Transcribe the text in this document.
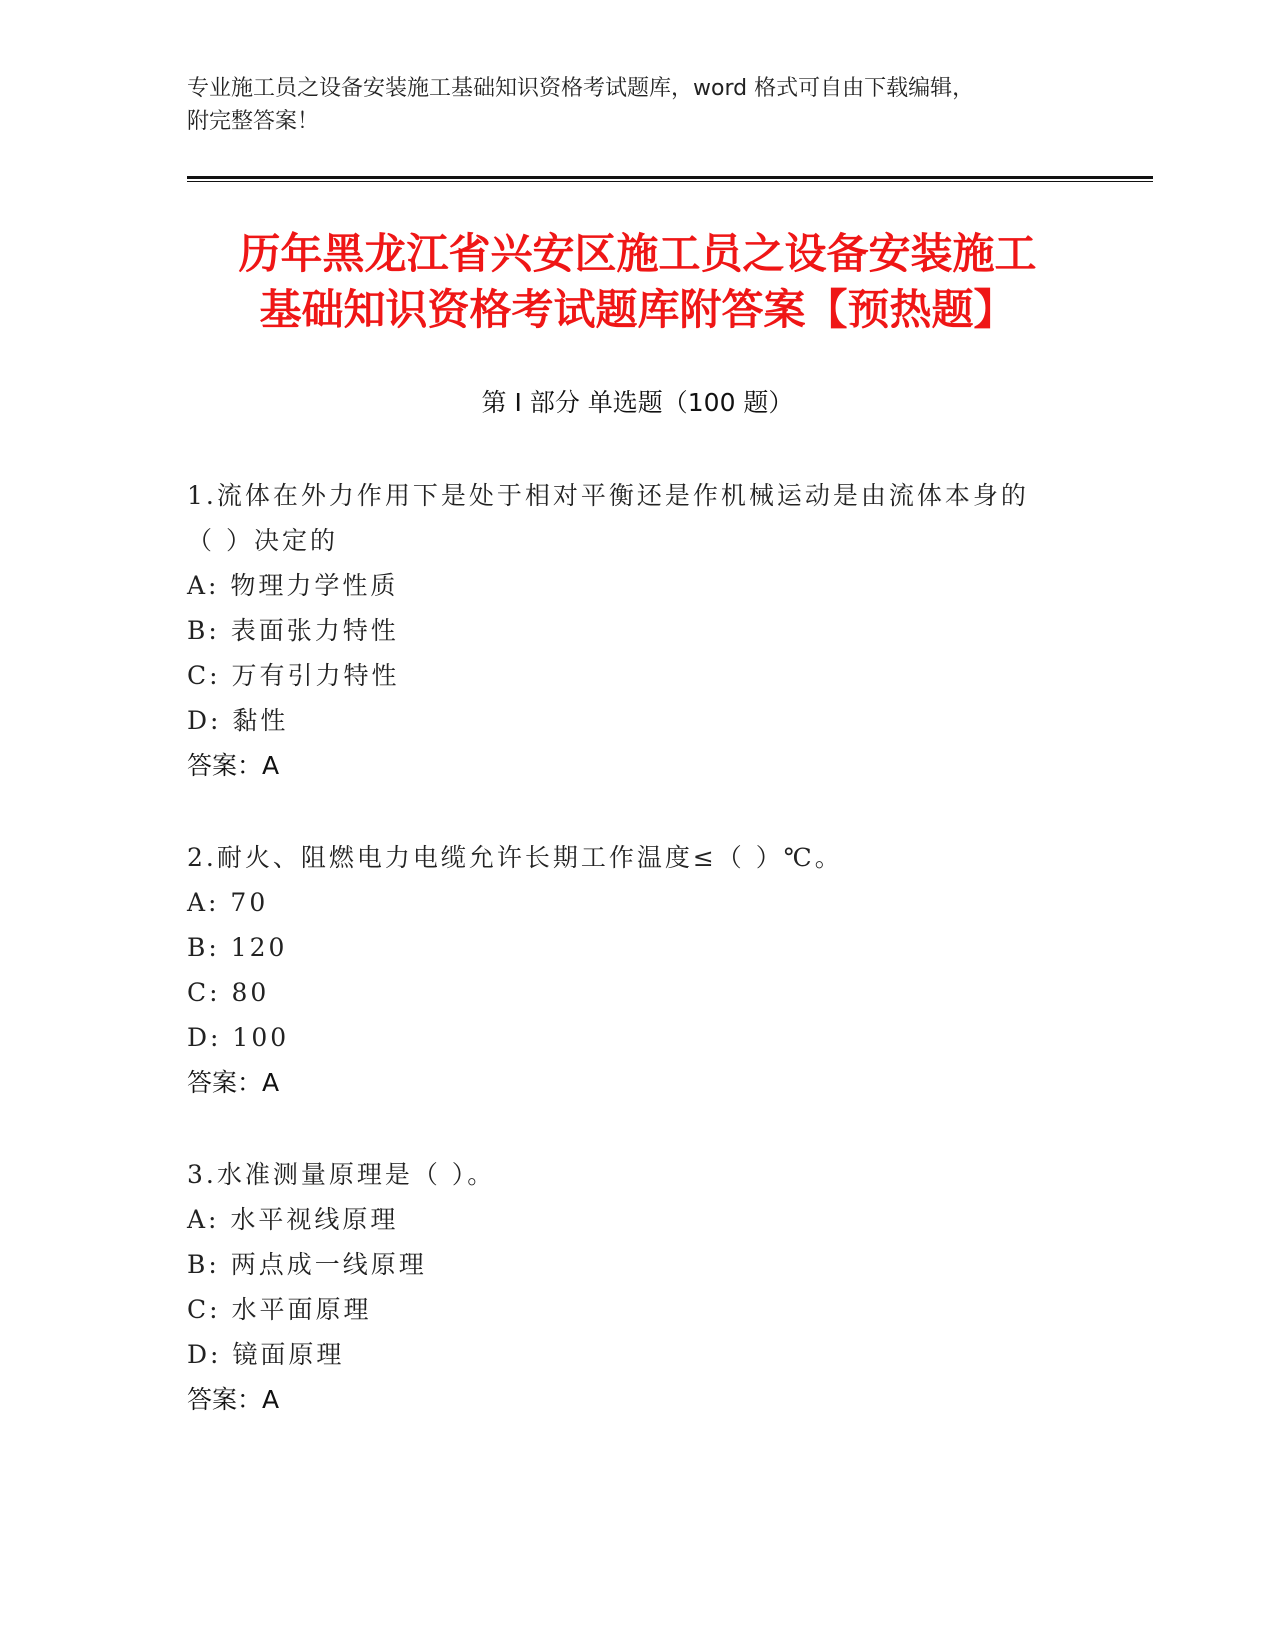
专业施工员之设备安装施工基础知识资格考试题库，word 格式可自由下载编辑，
附完整答案！
历年黑龙江省兴安区施工员之设备安装施工
基础知识资格考试题库附答案【预热题】
第 I 部分 单选题（100 题）
1.流体在外力作用下是处于相对平衡还是作机械运动是由流体本身的
（ ）决定的
A: 物理力学性质
B: 表面张力特性
C: 万有引力特性
D: 黏性
答案：A
2.耐火、阻燃电力电缆允许长期工作温度≤（ ）℃。
A: 70
B: 120
C: 80
D: 100
答案：A
3.水准测量原理是（ ）。
A: 水平视线原理
B: 两点成一线原理
C: 水平面原理
D: 镜面原理
答案：A
